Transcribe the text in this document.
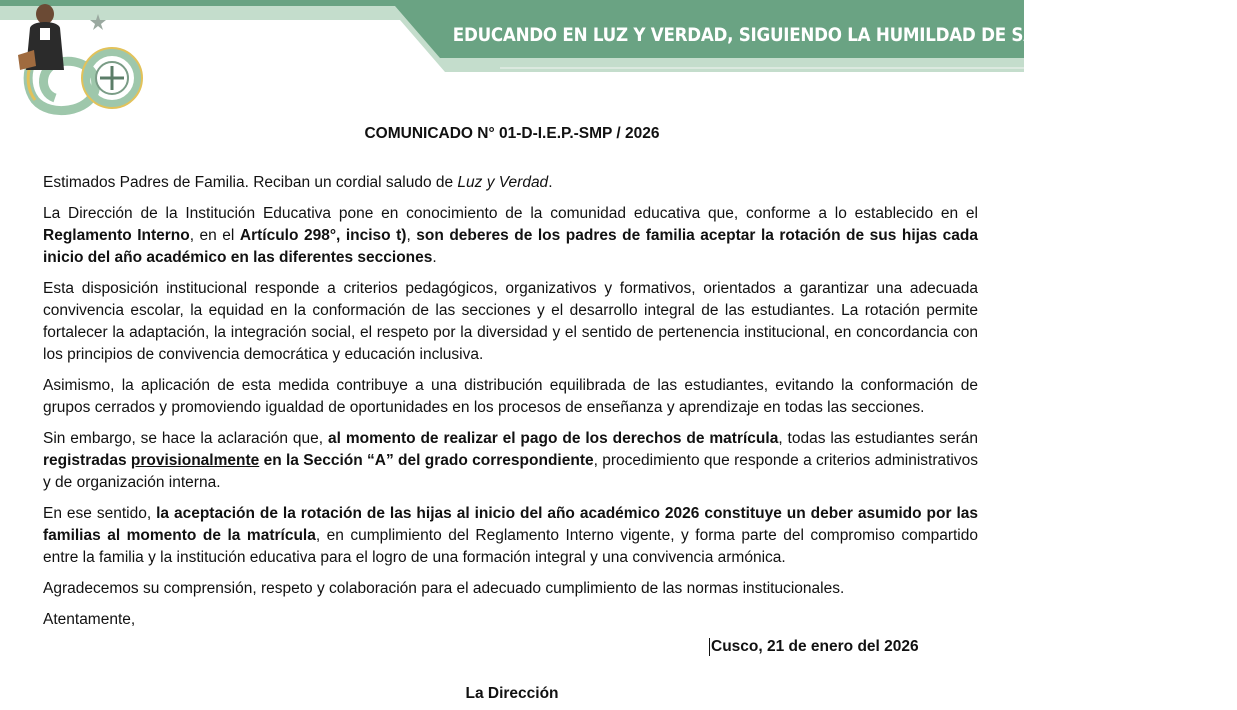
EDUCANDO EN LUZ Y VERDAD, SIGUIENDO LA HUMILDAD DE SAN MARTÍN DE PORRES
COMUNICADO N° 01-D-I.E.P.-SMP / 2026

Estimados Padres de Familia. Reciban un cordial saludo de Luz y Verdad.

La Dirección de la Institución Educativa pone en conocimiento de la comunidad educativa que, conforme a lo establecido en el Reglamento Interno, en el Artículo 298°, inciso t), son deberes de los padres de familia aceptar la rotación de sus hijas cada inicio del año académico en las diferentes secciones.

Esta disposición institucional responde a criterios pedagógicos, organizativos y formativos, orientados a garantizar una adecuada convivencia escolar, la equidad en la conformación de las secciones y el desarrollo integral de las estudiantes. La rotación permite fortalecer la adaptación, la integración social, el respeto por la diversidad y el sentido de pertenencia institucional, en concordancia con los principios de convivencia democrática y educación inclusiva.

Asimismo, la aplicación de esta medida contribuye a una distribución equilibrada de las estudiantes, evitando la conformación de grupos cerrados y promoviendo igualdad de oportunidades en los procesos de enseñanza y aprendizaje en todas las secciones.

Sin embargo, se hace la aclaración que, al momento de realizar el pago de los derechos de matrícula, todas las estudiantes serán registradas provisionalmente en la Sección “A” del grado correspondiente, procedimiento que responde a criterios administrativos y de organización interna.

En ese sentido, la aceptación de la rotación de las hijas al inicio del año académico 2026 constituye un deber asumido por las familias al momento de la matrícula, en cumplimiento del Reglamento Interno vigente, y forma parte del compromiso compartido entre la familia y la institución educativa para el logro de una formación integral y una convivencia armónica.

Agradecemos su comprensión, respeto y colaboración para el adecuado cumplimiento de las normas institucionales.

Atentamente,

Cusco, 21 de enero del 2026
La Dirección
